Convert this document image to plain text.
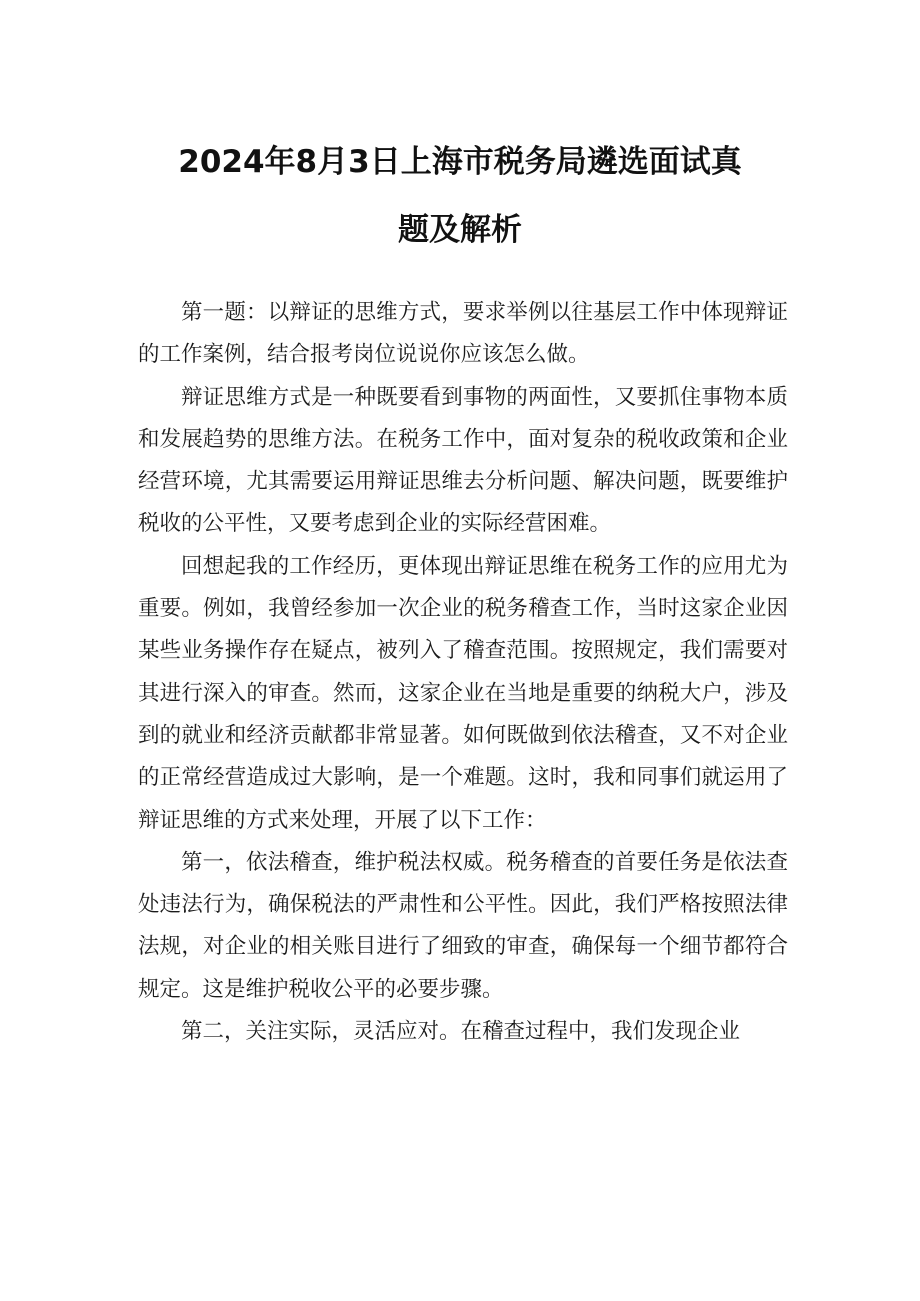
2024年8月3日上海市税务局遴选面试真
题及解析

第一题：以辩证的思维方式，要求举例以往基层工作中体现辩证的工作案例，结合报考岗位说说你应该怎么做。

辩证思维方式是一种既要看到事物的两面性，又要抓住事物本质和发展趋势的思维方法。在税务工作中，面对复杂的税收政策和企业经营环境，尤其需要运用辩证思维去分析问题、解决问题，既要维护税收的公平性，又要考虑到企业的实际经营困难。

回想起我的工作经历，更体现出辩证思维在税务工作的应用尤为重要。例如，我曾经参加一次企业的税务稽查工作，当时这家企业因某些业务操作存在疑点，被列入了稽查范围。按照规定，我们需要对其进行深入的审查。然而，这家企业在当地是重要的纳税大户，涉及到的就业和经济贡献都非常显著。如何既做到依法稽查，又不对企业的正常经营造成过大影响，是一个难题。这时，我和同事们就运用了辩证思维的方式来处理，开展了以下工作：

第一，依法稽查，维护税法权威。税务稽查的首要任务是依法查处违法行为，确保税法的严肃性和公平性。因此，我们严格按照法律法规，对企业的相关账目进行了细致的审查，确保每一个细节都符合规定。这是维护税收公平的必要步骤。

第二，关注实际，灵活应对。在稽查过程中，我们发现企业
